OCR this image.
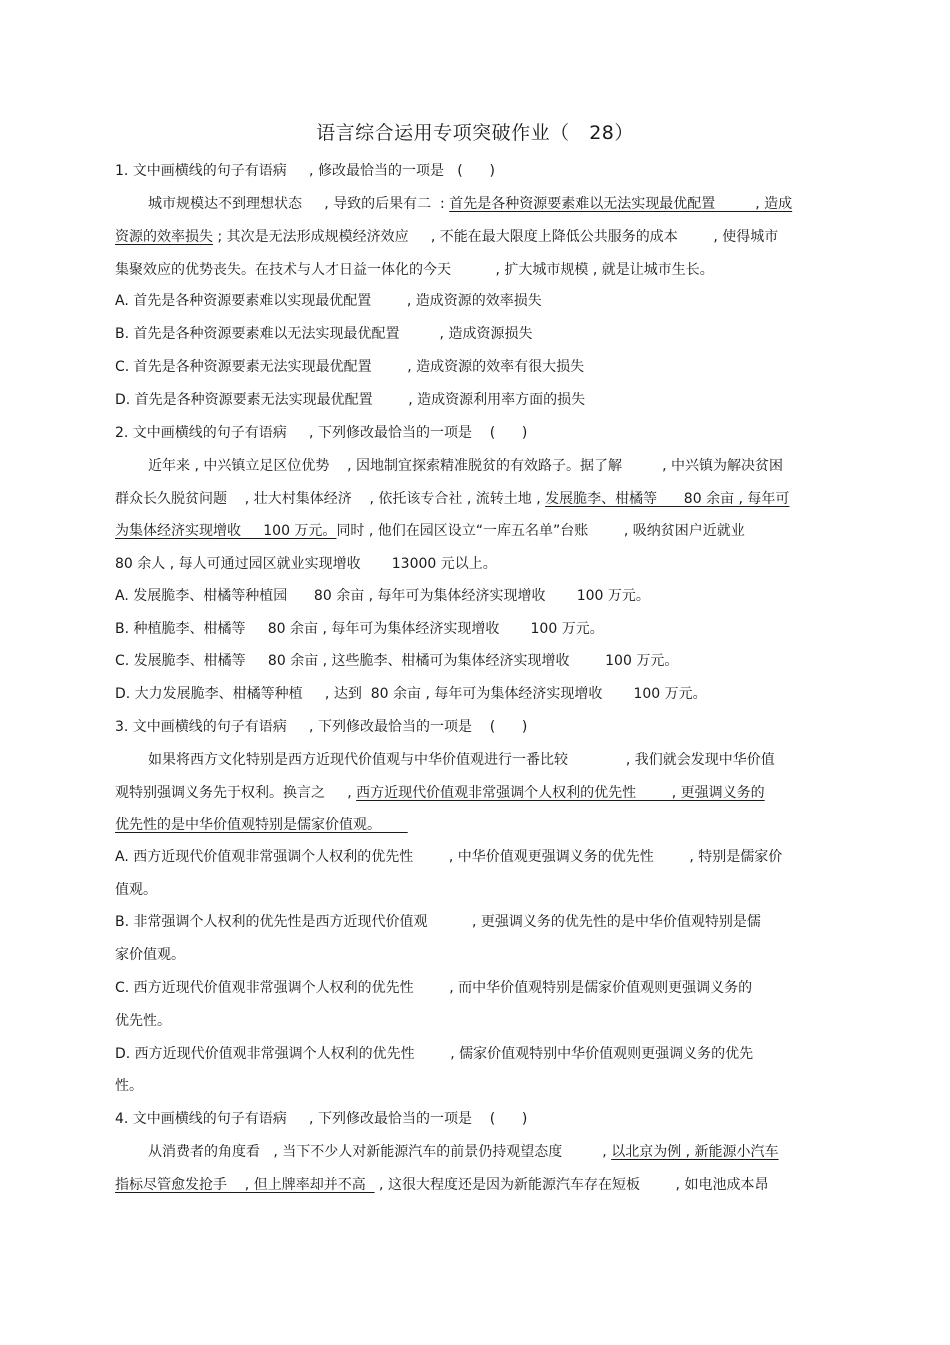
语言综合运用专项突破作业（   28）
1. 文中画横线的句子有语病     , 修改最恰当的一项是   (      )
城市规模达不到理想状态     , 导致的后果有二  : 首先是各种资源要素难以无法实现最优配置         , 造成
资源的效率损失 ; 其次是无法形成规模经济效应     , 不能在最大限度上降低公共服务的成本        , 使得城市
集聚效应的优势丧失。在技术与人才日益一体化的今天          , 扩大城市规模 , 就是让城市生长。
A. 首先是各种资源要素难以实现最优配置        , 造成资源的效率损失
B. 首先是各种资源要素难以无法实现最优配置         , 造成资源损失
C. 首先是各种资源要素无法实现最优配置        , 造成资源的效率有很大损失
D. 首先是各种资源要素无法实现最优配置        , 造成资源利用率方面的损失
2. 文中画横线的句子有语病     , 下列修改最恰当的一项是    (      )
近年来 , 中兴镇立足区位优势    , 因地制宜探索精准脱贫的有效路子。据了解         , 中兴镇为解决贫困
群众长久脱贫问题    , 壮大村集体经济    , 依托该专合社 , 流转土地 , 发展脆李、柑橘等      80 余亩 , 每年可
为集体经济实现增收     100 万元。同时 , 他们在园区设立“一库五名单”台账        , 吸纳贫困户近就业
80 余人 , 每人可通过园区就业实现增收       13000 元以上。
A. 发展脆李、柑橘等种植园      80 余亩 , 每年可为集体经济实现增收       100 万元。
B. 种植脆李、柑橘等     80 余亩 , 每年可为集体经济实现增收       100 万元。
C. 发展脆李、柑橘等     80 余亩 , 这些脆李、柑橘可为集体经济实现增收        100 万元。
D. 大力发展脆李、柑橘等种植     , 达到  80 余亩 , 每年可为集体经济实现增收       100 万元。
3. 文中画横线的句子有语病     , 下列修改最恰当的一项是    (      )
如果将西方文化特别是西方近现代价值观与中华价值观进行一番比较             , 我们就会发现中华价值
观特别强调义务先于权利。换言之     , 西方近现代价值观非常强调个人权利的优先性        , 更强调义务的
优先性的是中华价值观特别是儒家价值观。
A. 西方近现代价值观非常强调个人权利的优先性        , 中华价值观更强调义务的优先性        , 特别是儒家价
值观。
B. 非常强调个人权利的优先性是西方近现代价值观          , 更强调义务的优先性的是中华价值观特别是儒
家价值观。
C. 西方近现代价值观非常强调个人权利的优先性        , 而中华价值观特别是儒家价值观则更强调义务的
优先性。
D. 西方近现代价值观非常强调个人权利的优先性        , 儒家价值观特别中华价值观则更强调义务的优先
性。
4. 文中画横线的句子有语病     , 下列修改最恰当的一项是    (      )
从消费者的角度看   , 当下不少人对新能源汽车的前景仍持观望态度         , 以北京为例 , 新能源小汽车
指标尽管愈发抢手    , 但上牌率却并不高   , 这很大程度还是因为新能源汽车存在短板        , 如电池成本昂
